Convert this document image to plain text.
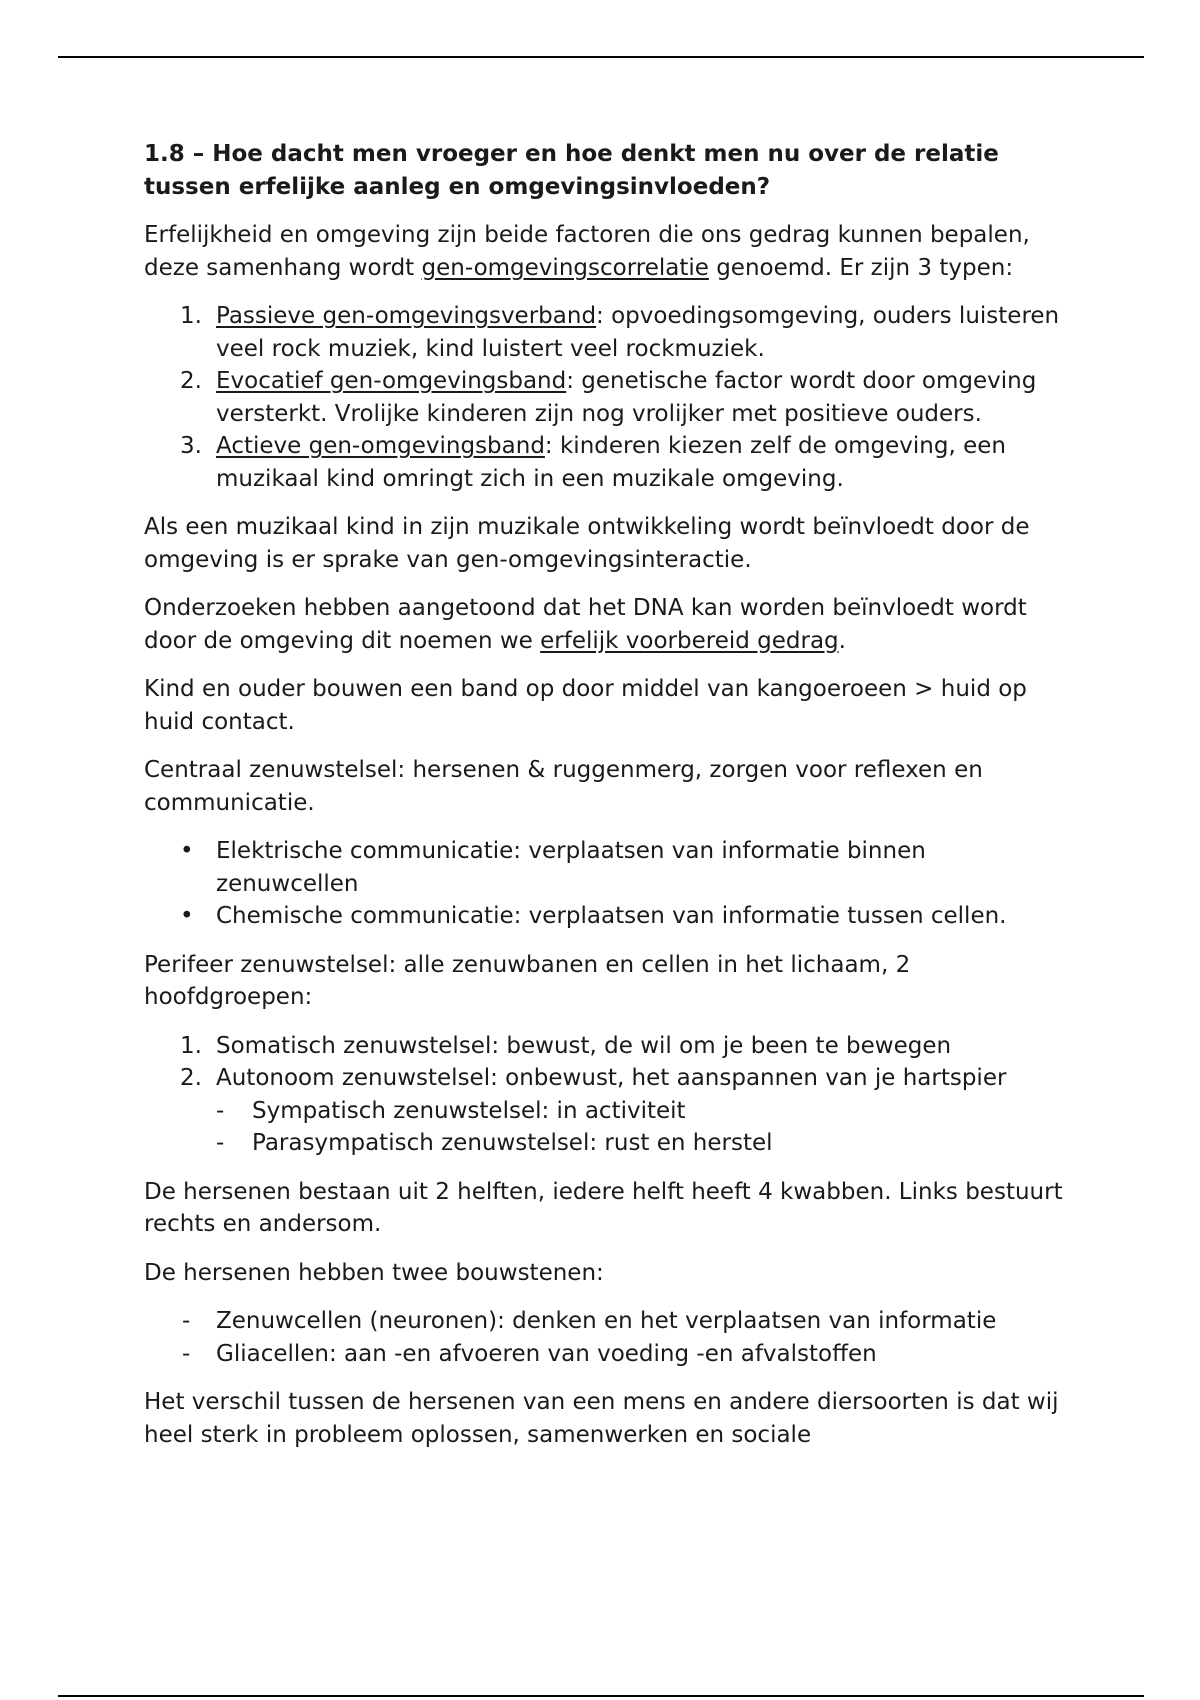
1.8 – Hoe dacht men vroeger en hoe denkt men nu over de relatie tussen erfelijke aanleg en omgevingsinvloeden?

Erfelijkheid en omgeving zijn beide factoren die ons gedrag kunnen bepalen, deze samenhang wordt gen-omgevingscorrelatie genoemd. Er zijn 3 typen:

1. Passieve gen-omgevingsverband: opvoedingsomgeving, ouders luisteren veel rock muziek, kind luistert veel rockmuziek.
2. Evocatief gen-omgevingsband: genetische factor wordt door omgeving versterkt. Vrolijke kinderen zijn nog vrolijker met positieve ouders.
3. Actieve gen-omgevingsband: kinderen kiezen zelf de omgeving, een muzikaal kind omringt zich in een muzikale omgeving.

Als een muzikaal kind in zijn muzikale ontwikkeling wordt beïnvloedt door de omgeving is er sprake van gen-omgevingsinteractie.

Onderzoeken hebben aangetoond dat het DNA kan worden beïnvloedt wordt door de omgeving dit noemen we erfelijk voorbereid gedrag.

Kind en ouder bouwen een band op door middel van kangoeroeen > huid op huid contact.

Centraal zenuwstelsel: hersenen & ruggenmerg, zorgen voor reflexen en communicatie.

• Elektrische communicatie: verplaatsen van informatie binnen zenuwcellen
• Chemische communicatie: verplaatsen van informatie tussen cellen.

Perifeer zenuwstelsel: alle zenuwbanen en cellen in het lichaam, 2 hoofdgroepen:

1. Somatisch zenuwstelsel: bewust, de wil om je been te bewegen
2. Autonoom zenuwstelsel: onbewust, het aanspannen van je hartspier
- Sympatisch zenuwstelsel: in activiteit
- Parasympatisch zenuwstelsel: rust en herstel

De hersenen bestaan uit 2 helften, iedere helft heeft 4 kwabben. Links bestuurt rechts en andersom.

De hersenen hebben twee bouwstenen:

- Zenuwcellen (neuronen): denken en het verplaatsen van informatie
- Gliacellen: aan -en afvoeren van voeding -en afvalstoffen

Het verschil tussen de hersenen van een mens en andere diersoorten is dat wij heel sterk in probleem oplossen, samenwerken en sociale
